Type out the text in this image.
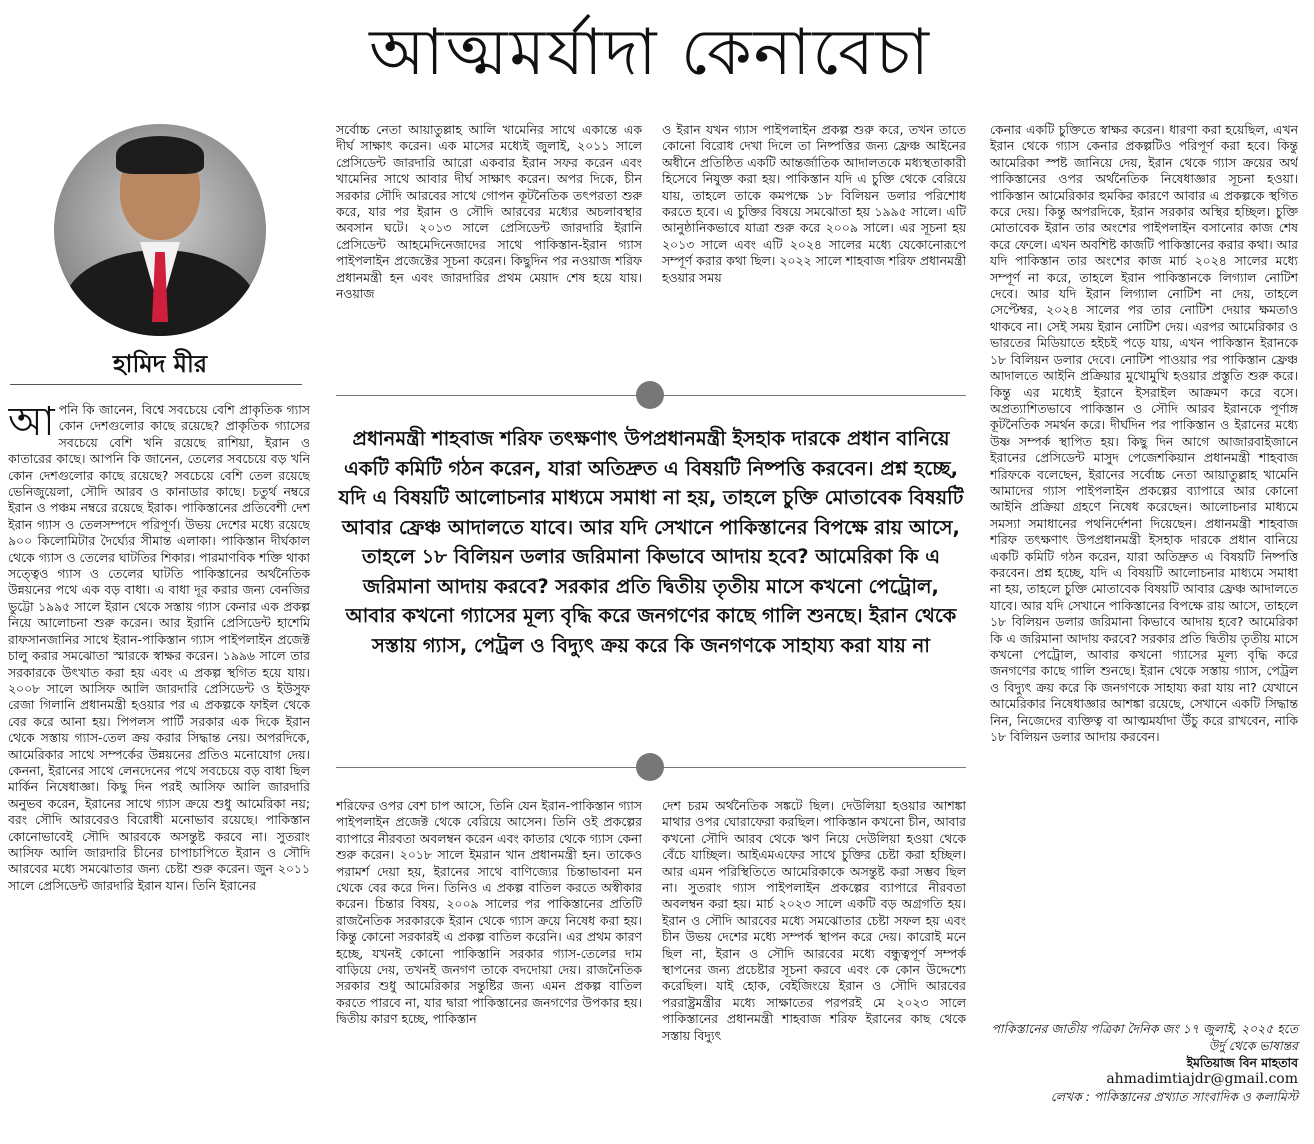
আত্মমর্যাদা কেনাবেচা
হামিদ মীর
আ পনি কি জানেন, বিশ্বে সবচেয়ে বেশি প্রাকৃতিক গ্যাস কোন দেশগুলোর কাছে রয়েছে? প্রাকৃতিক গ্যাসের সবচেয়ে বেশি খনি রয়েছে রাশিয়া, ইরান ও কাতারের কাছে। আপনি কি জানেন, তেলের সবচেয়ে বড় খনি কোন দেশগুলোর কাছে রয়েছে? সবচেয়ে বেশি তেল রয়েছে ভেনিজুয়েলা, সৌদি আরব ও কানাডার কাছে। চতুর্থ নম্বরে ইরান ও পঞ্চম নম্বরে রয়েছে ইরাক। পাকিস্তানের প্রতিবেশী দেশ ইরান গ্যাস ও তেলসম্পদে পরিপূর্ণ। উভয় দেশের মধ্যে রয়েছে ৯০০ কিলোমিটার দৈর্ঘ্যের সীমান্ত এলাকা। পাকিস্তান দীর্ঘকাল থেকে গ্যাস ও তেলের ঘাটতির শিকার। পারমাণবিক শক্তি থাকা সত্ত্বেও গ্যাস ও তেলের ঘাটতি পাকিস্তানের অর্থনৈতিক উন্নয়নের পথে এক বড় বাধা। এ বাধা দূর করার জন্য বেনজির ভুট্টো ১৯৯৫ সালে ইরান থেকে সস্তায় গ্যাস কেনার এক প্রকল্প নিয়ে আলোচনা শুরু করেন। আর ইরানি প্রেসিডেন্ট হাশেমি রাফসানজানির সাথে ইরান-পাকিস্তান গ্যাস পাইপলাইন প্রজেক্ট চালু করার সমঝোতা স্মারকে স্বাক্ষর করেন। ১৯৯৬ সালে তার সরকারকে উৎখাত করা হয় এবং এ প্রকল্প স্থগিত হয়ে যায়। ২০০৮ সালে আসিফ আলি জারদারি প্রেসিডেন্ট ও ইউসুফ রেজা গিলানি প্রধানমন্ত্রী হওয়ার পর এ প্রকল্পকে ফাইল থেকে বের করে আনা হয়। পিপলস পার্টি সরকার এক দিকে ইরান থেকে সস্তায় গ্যাস-তেল ক্রয় করার সিদ্ধান্ত নেয়। অপরদিকে, আমেরিকার সাথে সম্পর্কের উন্নয়নের প্রতিও মনোযোগ দেয়। কেননা, ইরানের সাথে লেনদেনের পথে সবচেয়ে বড় বাধা ছিল মার্কিন নিষেধাজ্ঞা। কিছু দিন পরই আসিফ আলি জারদারি অনুভব করেন, ইরানের সাথে গ্যাস ক্রয়ে শুধু আমেরিকা নয়; বরং সৌদি আরবেরও বিরোধী মনোভাব রয়েছে। পাকিস্তান কোনোভাবেই সৌদি আরবকে অসন্তুষ্ট করবে না। সুতরাং আসিফ আলি জারদারি চীনের চাপাচাপিতে ইরান ও সৌদি আরবের মধ্যে সমঝোতার জন্য চেষ্টা শুরু করেন। জুন ২০১১ সালে প্রেসিডেন্ট জারদারি ইরান যান। তিনি ইরানের
সর্বোচ্চ নেতা আয়াতুল্লাহ আলি খামেনির সাথে একান্তে এক দীর্ঘ সাক্ষাৎ করেন। এক মাসের মধ্যেই জুলাই, ২০১১ সালে প্রেসিডেন্ট জারদারি আরো একবার ইরান সফর করেন এবং খামেনির সাথে আবার দীর্ঘ সাক্ষাৎ করেন। অপর দিকে, চীন সরকার সৌদি আরবের সাথে গোপন কূটনৈতিক তৎপরতা শুরু করে, যার পর ইরান ও সৌদি আরবের মধ্যের অচলাবস্থার অবসান ঘটে। ২০১৩ সালে প্রেসিডেন্ট জারদারি ইরানি প্রেসিডেন্ট আহমেদিনেজাদের সাথে পাকিস্তান-ইরান গ্যাস পাইপলাইন প্রজেক্টের সূচনা করেন। কিছুদিন পর নওয়াজ শরিফ প্রধানমন্ত্রী হন এবং জারদারির প্রথম মেয়াদ শেষ হয়ে যায়। নওয়াজ
ও ইরান যখন গ্যাস পাইপলাইন প্রকল্প শুরু করে, তখন তাতে কোনো বিরোধ দেখা দিলে তা নিষ্পত্তির জন্য ফ্রেঞ্চ আইনের অধীনে প্রতিষ্ঠিত একটি আন্তর্জাতিক আদালতকে মধ্যস্থতাকারী হিসেবে নিযুক্ত করা হয়। পাকিস্তান যদি এ চুক্তি থেকে বেরিয়ে যায়, তাহলে তাকে কমপক্ষে ১৮ বিলিয়ন ডলার পরিশোধ করতে হবে। এ চুক্তির বিষয়ে সমঝোতা হয় ১৯৯৫ সালে। এটি আনুষ্ঠানিকভাবে যাত্রা শুরু করে ২০০৯ সালে। এর সূচনা হয় ২০১৩ সালে এবং এটি ২০২৪ সালের মধ্যে যেকোনোরূপে সম্পূর্ণ করার কথা ছিল। ২০২২ সালে শাহবাজ শরিফ প্রধানমন্ত্রী হওয়ার সময়
প্রধানমন্ত্রী শাহবাজ শরিফ তৎক্ষণাৎ উপপ্রধানমন্ত্রী ইসহাক দারকে প্রধান বানিয়ে একটি কমিটি গঠন করেন, যারা অতিদ্রুত এ বিষয়টি নিষ্পত্তি করবেন। প্রশ্ন হচ্ছে, যদি এ বিষয়টি আলোচনার মাধ্যমে সমাধা না হয়, তাহলে চুক্তি মোতাবেক বিষয়টি আবার ফ্রেঞ্চ আদালতে যাবে। আর যদি সেখানে পাকিস্তানের বিপক্ষে রায় আসে, তাহলে ১৮ বিলিয়ন ডলার জরিমানা কিভাবে আদায় হবে? আমেরিকা কি এ জরিমানা আদায় করবে? সরকার প্রতি দ্বিতীয় তৃতীয় মাসে কখনো পেট্রোল, আবার কখনো গ্যাসের মূল্য বৃদ্ধি করে জনগণের কাছে গালি শুনছে। ইরান থেকে সস্তায় গ্যাস, পেট্রল ও বিদ্যুৎ ক্রয় করে কি জনগণকে সাহায্য করা যায় না
শরিফের ওপর বেশ চাপ আসে, তিনি যেন ইরান-পাকিস্তান গ্যাস পাইপলাইন প্রজেক্ট থেকে বেরিয়ে আসেন। তিনি ওই প্রকল্পের ব্যাপারে নীরবতা অবলম্বন করেন এবং কাতার থেকে গ্যাস কেনা শুরু করেন। ২০১৮ সালে ইমরান খান প্রধানমন্ত্রী হন। তাকেও পরামর্শ দেয়া হয়, ইরানের সাথে বাণিজ্যের চিন্তাভাবনা মন থেকে বের করে দিন। তিনিও এ প্রকল্প বাতিল করতে অস্বীকার করেন। চিন্তার বিষয়, ২০০৯ সালের পর পাকিস্তানের প্রতিটি রাজনৈতিক সরকারকে ইরান থেকে গ্যাস ক্রয়ে নিষেধ করা হয়। কিন্তু কোনো সরকারই এ প্রকল্প বাতিল করেনি। এর প্রথম কারণ হচ্ছে, যখনই কোনো পাকিস্তানি সরকার গ্যাস-তেলের দাম বাড়িয়ে দেয়, তখনই জনগণ তাকে বদদোয়া দেয়। রাজনৈতিক সরকার শুধু আমেরিকার সন্তুষ্টির জন্য এমন প্রকল্প বাতিল করতে পারবে না, যার দ্বারা পাকিস্তানের জনগণের উপকার হয়। দ্বিতীয় কারণ হচ্ছে, পাকিস্তান
দেশ চরম অর্থনৈতিক সঙ্কটে ছিল। দেউলিয়া হওয়ার আশঙ্কা মাথার ওপর ঘোরাফেরা করছিল। পাকিস্তান কখনো চীন, আবার কখনো সৌদি আরব থেকে ঋণ নিয়ে দেউলিয়া হওয়া থেকে বেঁচে যাচ্ছিল। আইএমএফের সাথে চুক্তির চেষ্টা করা হচ্ছিল। আর এমন পরিস্থিতিতে আমেরিকাকে অসন্তুষ্ট করা সম্ভব ছিল না। সুতরাং গ্যাস পাইপলাইন প্রকল্পের ব্যাপারে নীরবতা অবলম্বন করা হয়। মার্চ ২০২৩ সালে একটি বড় অগ্রগতি হয়। ইরান ও সৌদি আরবের মধ্যে সমঝোতার চেষ্টা সফল হয় এবং চীন উভয় দেশের মধ্যে সম্পর্ক স্থাপন করে দেয়। কারোই মনে ছিল না, ইরান ও সৌদি আরবের মধ্যে বন্ধুত্বপূর্ণ সম্পর্ক স্থাপনের জন্য প্রচেষ্টার সূচনা করবে এবং কে কোন উদ্দেশ্যে করেছিল। যাই হোক, বেইজিংয়ে ইরান ও সৌদি আরবের পররাষ্ট্রমন্ত্রীর মধ্যে সাক্ষাতের পরপরই মে ২০২৩ সালে পাকিস্তানের প্রধানমন্ত্রী শাহবাজ শরিফ ইরানের কাছ থেকে সস্তায় বিদ্যুৎ
কেনার একটি চুক্তিতে স্বাক্ষর করেন। ধারণা করা হয়েছিল, এখন ইরান থেকে গ্যাস কেনার প্রকল্পটিও পরিপূর্ণ করা হবে। কিন্তু আমেরিকা স্পষ্ট জানিয়ে দেয়, ইরান থেকে গ্যাস ক্রয়ের অর্থ পাকিস্তানের ওপর অর্থনৈতিক নিষেধাজ্ঞার সূচনা হওয়া। পাকিস্তান আমেরিকার হুমকির কারণে আবার এ প্রকল্পকে স্থগিত করে দেয়। কিন্তু অপরদিকে, ইরান সরকার অস্থির হচ্ছিল। চুক্তি মোতাবেক ইরান তার অংশের পাইপলাইন বসানোর কাজ শেষ করে ফেলে। এখন অবশিষ্ট কাজটি পাকিস্তানের করার কথা। আর যদি পাকিস্তান তার অংশের কাজ মার্চ ২০২৪ সালের মধ্যে সম্পূর্ণ না করে, তাহলে ইরান পাকিস্তানকে লিগ্যাল নোটিশ দেবে। আর যদি ইরান লিগ্যাল নোটিশ না দেয়, তাহলে সেপ্টেম্বর, ২০২৪ সালের পর তার নোটিশ দেয়ার ক্ষমতাও থাকবে না। সেই সময় ইরান নোটিশ দেয়। এরপর আমেরিকার ও ভারতের মিডিয়াতে হইচই পড়ে যায়, এখন পাকিস্তান ইরানকে ১৮ বিলিয়ন ডলার দেবে। নোটিশ পাওয়ার পর পাকিস্তান ফ্রেঞ্চ আদালতে আইনি প্রক্রিয়ার মুখোমুখি হওয়ার প্রস্তুতি শুরু করে। কিন্তু এর মধ্যেই ইরানে ইসরাইল আক্রমণ করে বসে। অপ্রত্যাশিতভাবে পাকিস্তান ও সৌদি আরব ইরানকে পূর্ণাঙ্গ কূটনৈতিক সমর্থন করে। দীর্ঘদিন পর পাকিস্তান ও ইরানের মধ্যে উষ্ণ সম্পর্ক স্থাপিত হয়। কিছু দিন আগে আজারবাইজানে ইরানের প্রেসিডেন্ট মাসুদ পেজেশকিয়ান প্রধানমন্ত্রী শাহবাজ শরিফকে বলেছেন, ইরানের সর্বোচ্চ নেতা আয়াতুল্লাহ খামেনি আমাদের গ্যাস পাইপলাইন প্রকল্পের ব্যাপারে আর কোনো আইনি প্রক্রিয়া গ্রহণে নিষেধ করেছেন। আলোচনার মাধ্যমে সমস্যা সমাধানের পথনির্দেশনা দিয়েছেন। প্রধানমন্ত্রী শাহবাজ শরিফ তৎক্ষণাৎ উপপ্রধানমন্ত্রী ইসহাক দারকে প্রধান বানিয়ে একটি কমিটি গঠন করেন, যারা অতিদ্রুত এ বিষয়টি নিষ্পত্তি করবেন। প্রশ্ন হচ্ছে, যদি এ বিষয়টি আলোচনার মাধ্যমে সমাধা না হয়, তাহলে চুক্তি মোতাবেক বিষয়টি আবার ফ্রেঞ্চ আদালতে যাবে। আর যদি সেখানে পাকিস্তানের বিপক্ষে রায় আসে, তাহলে ১৮ বিলিয়ন ডলার জরিমানা কিভাবে আদায় হবে? আমেরিকা কি এ জরিমানা আদায় করবে? সরকার প্রতি দ্বিতীয় তৃতীয় মাসে কখনো পেট্রোল, আবার কখনো গ্যাসের মূল্য বৃদ্ধি করে জনগণের কাছে গালি শুনছে। ইরান থেকে সস্তায় গ্যাস, পেট্রল ও বিদ্যুৎ ক্রয় করে কি জনগণকে সাহায্য করা যায় না? যেখানে আমেরিকার নিষেধাজ্ঞার আশঙ্কা রয়েছে, সেখানে একটি সিদ্ধান্ত নিন, নিজেদের ব্যক্তিত্ব বা আত্মমর্যাদা উঁচু করে রাখবেন, নাকি ১৮ বিলিয়ন ডলার আদায় করবেন।
পাকিস্তানের জাতীয় পত্রিকা দৈনিক জং ১৭ জুলাই, ২০২৫ হতে উর্দু থেকে ভাষান্তর
ইমতিয়াজ বিন মাহতাব
ahmadimtiajdr@gmail.com
লেখক : পাকিস্তানের প্রখ্যাত সাংবাদিক ও কলামিস্ট
